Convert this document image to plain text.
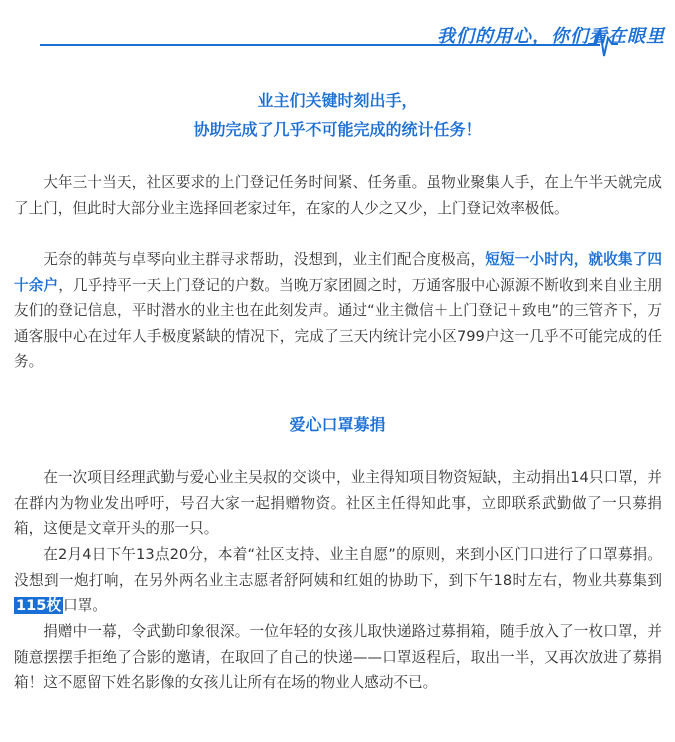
我们的用心，你们看在眼里
业主们关键时刻出手，
协助完成了几乎不可能完成的统计任务！

大年三十当天，社区要求的上门登记任务时间紧、任务重。虽物业聚集人手，在上午半天就完成了上门，但此时大部分业主选择回老家过年，在家的人少之又少，上门登记效率极低。

无奈的韩英与卓琴向业主群寻求帮助，没想到，业主们配合度极高，短短一小时内，就收集了四十余户，几乎持平一天上门登记的户数。当晚万家团圆之时，万通客服中心源源不断收到来自业主朋友们的登记信息，平时潜水的业主也在此刻发声。通过“业主微信＋上门登记＋致电”的三管齐下，万通客服中心在过年人手极度紧缺的情况下，完成了三天内统计完小区799户这一几乎不可能完成的任务。

爱心口罩募捐

在一次项目经理武勤与爱心业主吴叔的交谈中，业主得知项目物资短缺，主动捐出14只口罩，并在群内为物业发出呼吁，号召大家一起捐赠物资。社区主任得知此事，立即联系武勤做了一只募捐箱，这便是文章开头的那一只。

在2月4日下午13点20分，本着“社区支持、业主自愿”的原则，来到小区门口进行了口罩募捐。没想到一炮打响，在另外两名业主志愿者舒阿姨和红姐的协助下，到下午18时左右，物业共募集到115枚 口罩。

捐赠中一幕，令武勤印象很深。一位年轻的女孩儿取快递路过募捐箱，随手放入了一枚口罩，并随意摆摆手拒绝了合影的邀请，在取回了自己的快递——口罩返程后，取出一半，又再次放进了募捐箱！这不愿留下姓名影像的女孩儿让所有在场的物业人感动不已。
